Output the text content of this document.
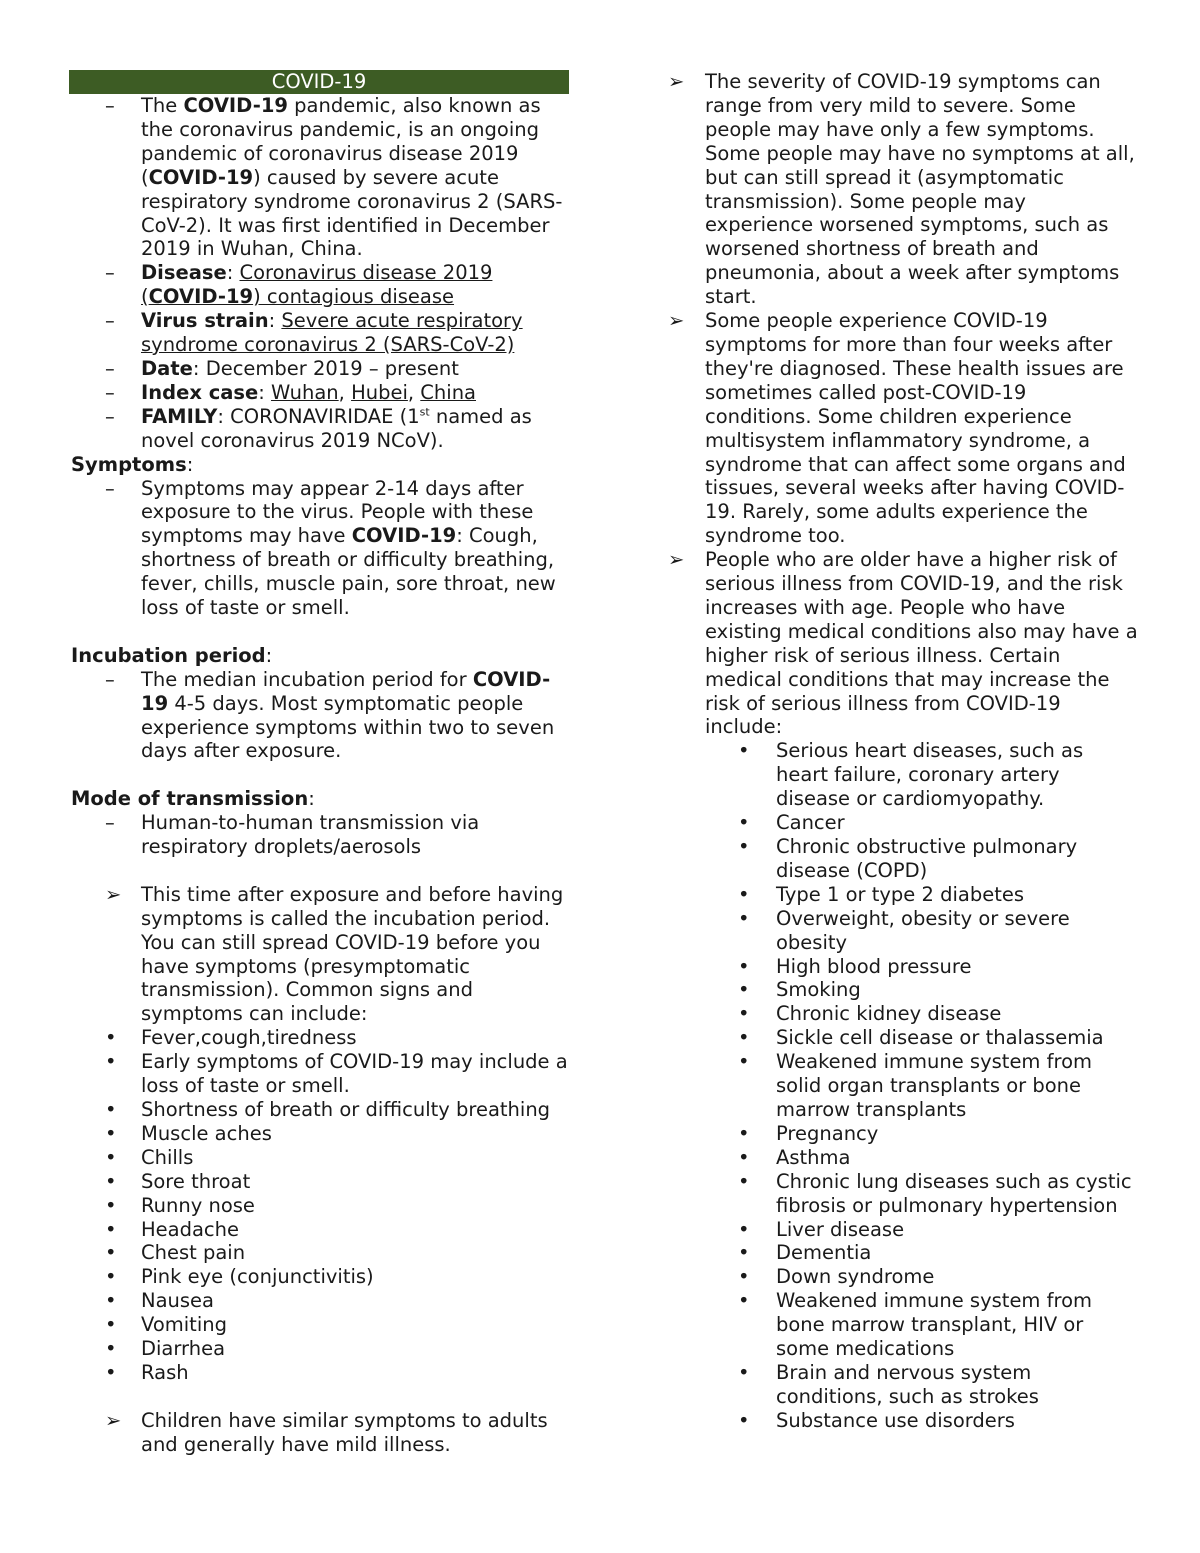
COVID-19
– The COVID-19 pandemic, also known as the coronavirus pandemic, is an ongoing pandemic of coronavirus disease 2019 (COVID-19) caused by severe acute respiratory syndrome coronavirus 2 (SARS-CoV-2). It was first identified in December 2019 in Wuhan, China.
– Disease: Coronavirus disease 2019 (COVID-19) contagious disease
– Virus strain: Severe acute respiratory syndrome coronavirus 2 (SARS-CoV-2)
– Date: December 2019 – present
– Index case: Wuhan, Hubei, China
– FAMILY: CORONAVIRIDAE (1st named as novel coronavirus 2019 NCoV).
Symptoms:
– Symptoms may appear 2-14 days after exposure to the virus. People with these symptoms may have COVID-19: Cough, shortness of breath or difficulty breathing, fever, chills, muscle pain, sore throat, new loss of taste or smell.
Incubation period:
– The median incubation period for COVID-19 4-5 days. Most symptomatic people experience symptoms within two to seven days after exposure.
Mode of transmission:
– Human-to-human transmission via respiratory droplets/aerosols
➢ This time after exposure and before having symptoms is called the incubation period. You can still spread COVID-19 before you have symptoms (presymptomatic transmission). Common signs and symptoms can include:
• Fever,cough,tiredness
• Early symptoms of COVID-19 may include a loss of taste or smell.
• Shortness of breath or difficulty breathing
• Muscle aches
• Chills
• Sore throat
• Runny nose
• Headache
• Chest pain
• Pink eye (conjunctivitis)
• Nausea
• Vomiting
• Diarrhea
• Rash
➢ Children have similar symptoms to adults and generally have mild illness.
➢ The severity of COVID-19 symptoms can range from very mild to severe. Some people may have only a few symptoms. Some people may have no symptoms at all, but can still spread it (asymptomatic transmission). Some people may experience worsened symptoms, such as worsened shortness of breath and pneumonia, about a week after symptoms start.
➢ Some people experience COVID-19 symptoms for more than four weeks after they're diagnosed. These health issues are sometimes called post-COVID-19 conditions. Some children experience multisystem inflammatory syndrome, a syndrome that can affect some organs and tissues, several weeks after having COVID-19. Rarely, some adults experience the syndrome too.
➢ People who are older have a higher risk of serious illness from COVID-19, and the risk increases with age. People who have existing medical conditions also may have a higher risk of serious illness. Certain medical conditions that may increase the risk of serious illness from COVID-19 include:
• Serious heart diseases, such as heart failure, coronary artery disease or cardiomyopathy.
• Cancer
• Chronic obstructive pulmonary disease (COPD)
• Type 1 or type 2 diabetes
• Overweight, obesity or severe obesity
• High blood pressure
• Smoking
• Chronic kidney disease
• Sickle cell disease or thalassemia
• Weakened immune system from solid organ transplants or bone marrow transplants
• Pregnancy
• Asthma
• Chronic lung diseases such as cystic fibrosis or pulmonary hypertension
• Liver disease
• Dementia
• Down syndrome
• Weakened immune system from bone marrow transplant, HIV or some medications
• Brain and nervous system conditions, such as strokes
• Substance use disorders
